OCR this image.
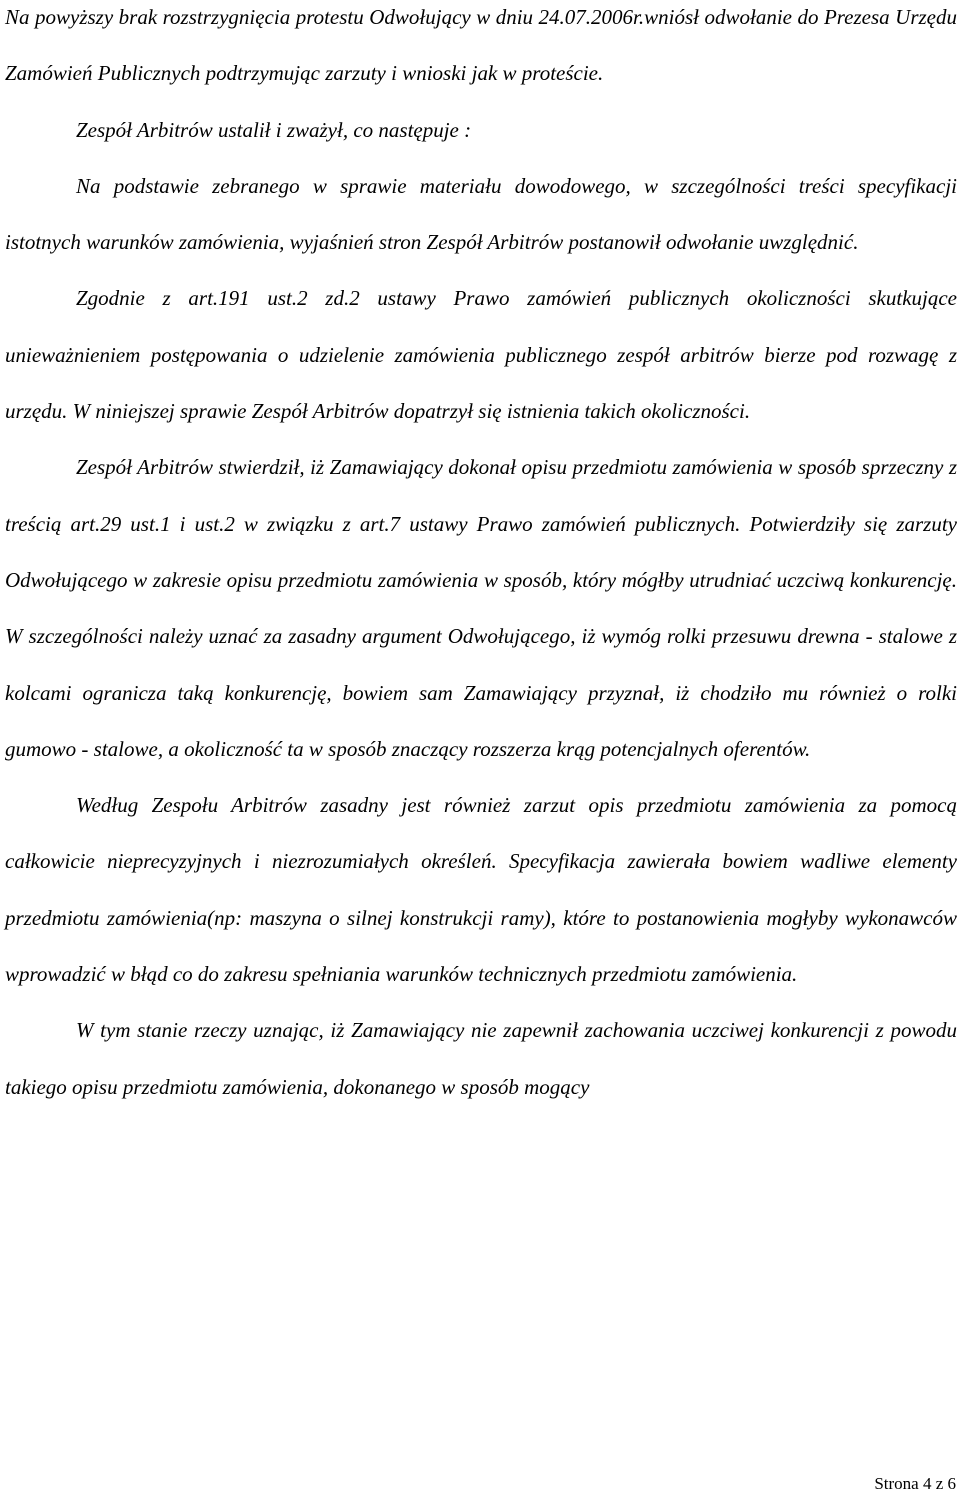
Na powyższy brak rozstrzygnięcia protestu Odwołujący w dniu 24.07.2006r.wniósł odwołanie do Prezesa Urzędu Zamówień Publicznych podtrzymując zarzuty i wnioski jak w proteście.

Zespół Arbitrów ustalił i zważył, co następuje :

Na podstawie zebranego w sprawie materiału dowodowego, w szczególności treści specyfikacji istotnych warunków zamówienia, wyjaśnień stron Zespół Arbitrów postanowił odwołanie uwzględnić.

Zgodnie z art.191 ust.2 zd.2 ustawy Prawo zamówień publicznych okoliczności skutkujące unieważnieniem postępowania o udzielenie zamówienia publicznego zespół arbitrów bierze pod rozwagę z urzędu. W niniejszej sprawie Zespół Arbitrów dopatrzył się istnienia takich okoliczności.

Zespół Arbitrów stwierdził, iż Zamawiający dokonał opisu przedmiotu zamówienia w sposób sprzeczny z treścią art.29 ust.1 i ust.2 w związku z art.7 ustawy Prawo zamówień publicznych. Potwierdziły się zarzuty Odwołującego w zakresie opisu przedmiotu zamówienia w sposób, który mógłby utrudniać uczciwą konkurencję. W szczególności należy uznać za zasadny argument Odwołującego, iż wymóg rolki przesuwu drewna - stalowe z kolcami ogranicza taką konkurencję, bowiem sam Zamawiający przyznał, iż chodziło mu również o rolki gumowo - stalowe, a okoliczność ta w sposób znaczący rozszerza krąg potencjalnych oferentów.

Według Zespołu Arbitrów zasadny jest również zarzut opis przedmiotu zamówienia za pomocą całkowicie nieprecyzyjnych i niezrozumiałych określeń. Specyfikacja zawierała bowiem wadliwe elementy przedmiotu zamówienia(np: maszyna o silnej konstrukcji ramy), które to postanowienia mogłyby wykonawców wprowadzić w błąd co do zakresu spełniania warunków technicznych przedmiotu zamówienia.

W tym stanie rzeczy uznając, iż Zamawiający nie zapewnił zachowania uczciwej konkurencji z powodu takiego opisu przedmiotu zamówienia, dokonanego w sposób mogący

Strona 4 z 6
